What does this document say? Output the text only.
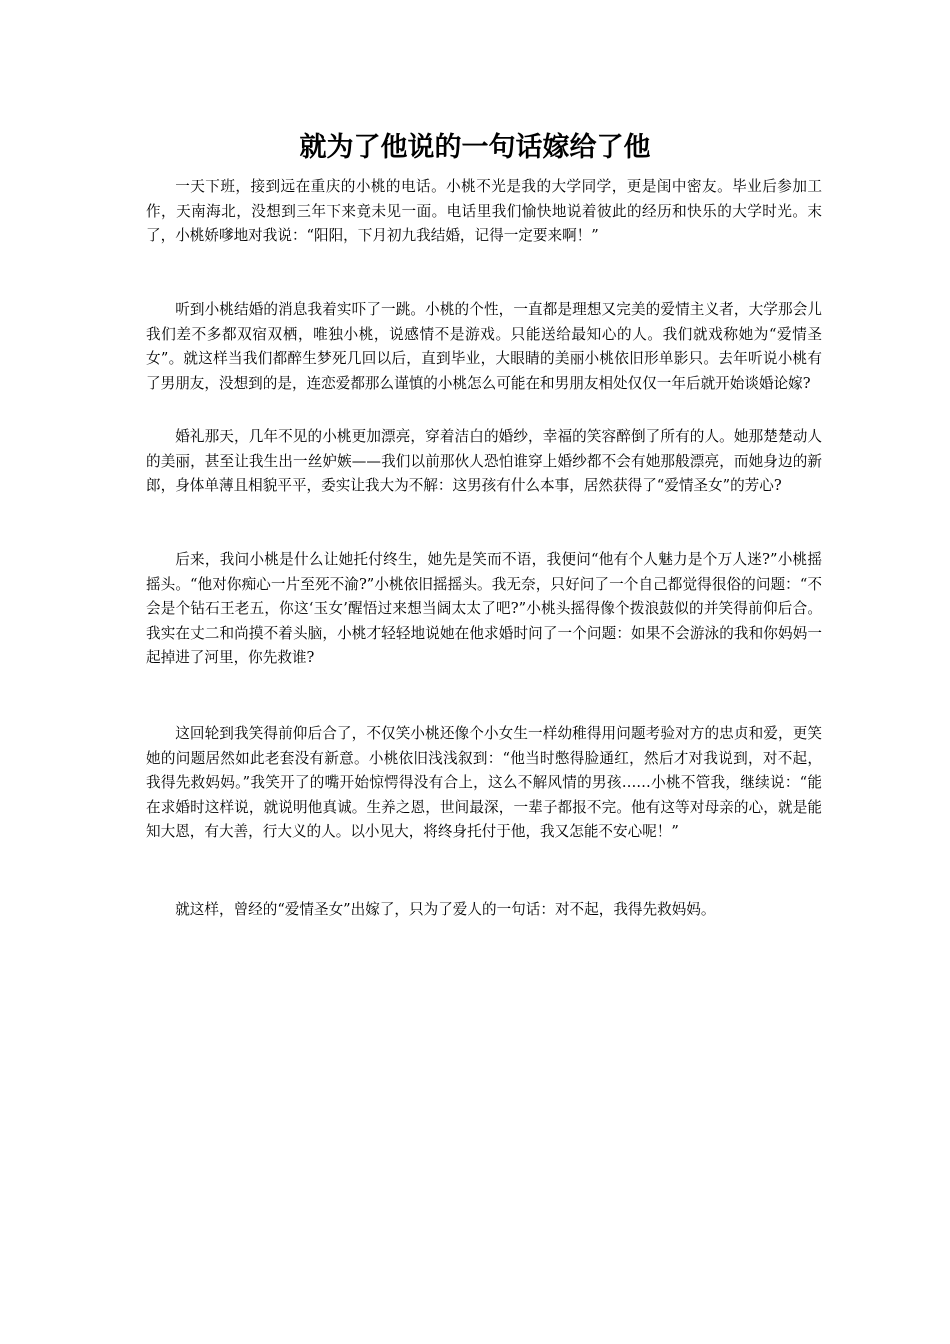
就为了他说的一句话嫁给了他

一天下班，接到远在重庆的小桃的电话。小桃不光是我的大学同学，更是闺中密友。毕业后参加工作，天南海北，没想到三年下来竟未见一面。电话里我们愉快地说着彼此的经历和快乐的大学时光。末了，小桃娇嗲地对我说：“阳阳，下月初九我结婚，记得一定要来啊！”

听到小桃结婚的消息我着实吓了一跳。小桃的个性，一直都是理想又完美的爱情主义者，大学那会儿我们差不多都双宿双栖，唯独小桃，说感情不是游戏。只能送给最知心的人。我们就戏称她为“爱情圣女”。就这样当我们都醉生梦死几回以后，直到毕业，大眼睛的美丽小桃依旧形单影只。去年听说小桃有了男朋友，没想到的是，连恋爱都那么谨慎的小桃怎么可能在和男朋友相处仅仅一年后就开始谈婚论嫁?

婚礼那天，几年不见的小桃更加漂亮，穿着洁白的婚纱，幸福的笑容醉倒了所有的人。她那楚楚动人的美丽，甚至让我生出一丝妒嫉——我们以前那伙人恐怕谁穿上婚纱都不会有她那般漂亮，而她身边的新郎，身体单薄且相貌平平，委实让我大为不解：这男孩有什么本事，居然获得了“爱情圣女”的芳心?

后来，我问小桃是什么让她托付终生，她先是笑而不语，我便问“他有个人魅力是个万人迷?”小桃摇摇头。“他对你痴心一片至死不渝?”小桃依旧摇摇头。我无奈，只好问了一个自己都觉得很俗的问题：“不会是个钻石王老五，你这‘玉女’醒悟过来想当阔太太了吧?”小桃头摇得像个拨浪鼓似的并笑得前仰后合。我实在丈二和尚摸不着头脑，小桃才轻轻地说她在他求婚时问了一个问题：如果不会游泳的我和你妈妈一起掉进了河里，你先救谁?

这回轮到我笑得前仰后合了，不仅笑小桃还像个小女生一样幼稚得用问题考验对方的忠贞和爱，更笑她的问题居然如此老套没有新意。小桃依旧浅浅叙到：“他当时憋得脸通红，然后才对我说到，对不起，我得先救妈妈。”我笑开了的嘴开始惊愕得没有合上，这么不解风情的男孩……小桃不管我，继续说：“能在求婚时这样说，就说明他真诚。生养之恩，世间最深，一辈子都报不完。他有这等对母亲的心，就是能知大恩，有大善，行大义的人。以小见大，将终身托付于他，我又怎能不安心呢！”

就这样，曾经的“爱情圣女”出嫁了，只为了爱人的一句话：对不起，我得先救妈妈。
